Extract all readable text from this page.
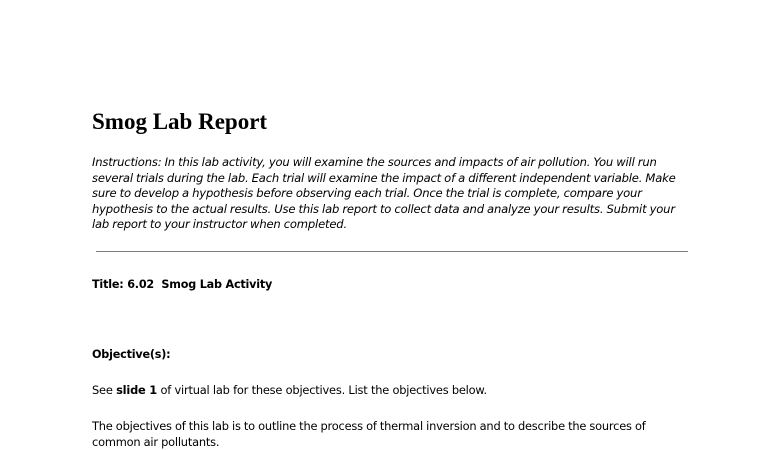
Smog Lab Report

Instructions: In this lab activity, you will examine the sources and impacts of air pollution. You will run
several trials during the lab. Each trial will examine the impact of a different independent variable. Make
sure to develop a hypothesis before observing each trial. Once the trial is complete, compare your
hypothesis to the actual results. Use this lab report to collect data and analyze your results. Submit your
lab report to your instructor when completed.

Title: 6.02  Smog Lab Activity

Objective(s):

See slide 1 of virtual lab for these objectives. List the objectives below.

The objectives of this lab is to outline the process of thermal inversion and to describe the sources of
common air pollutants.
